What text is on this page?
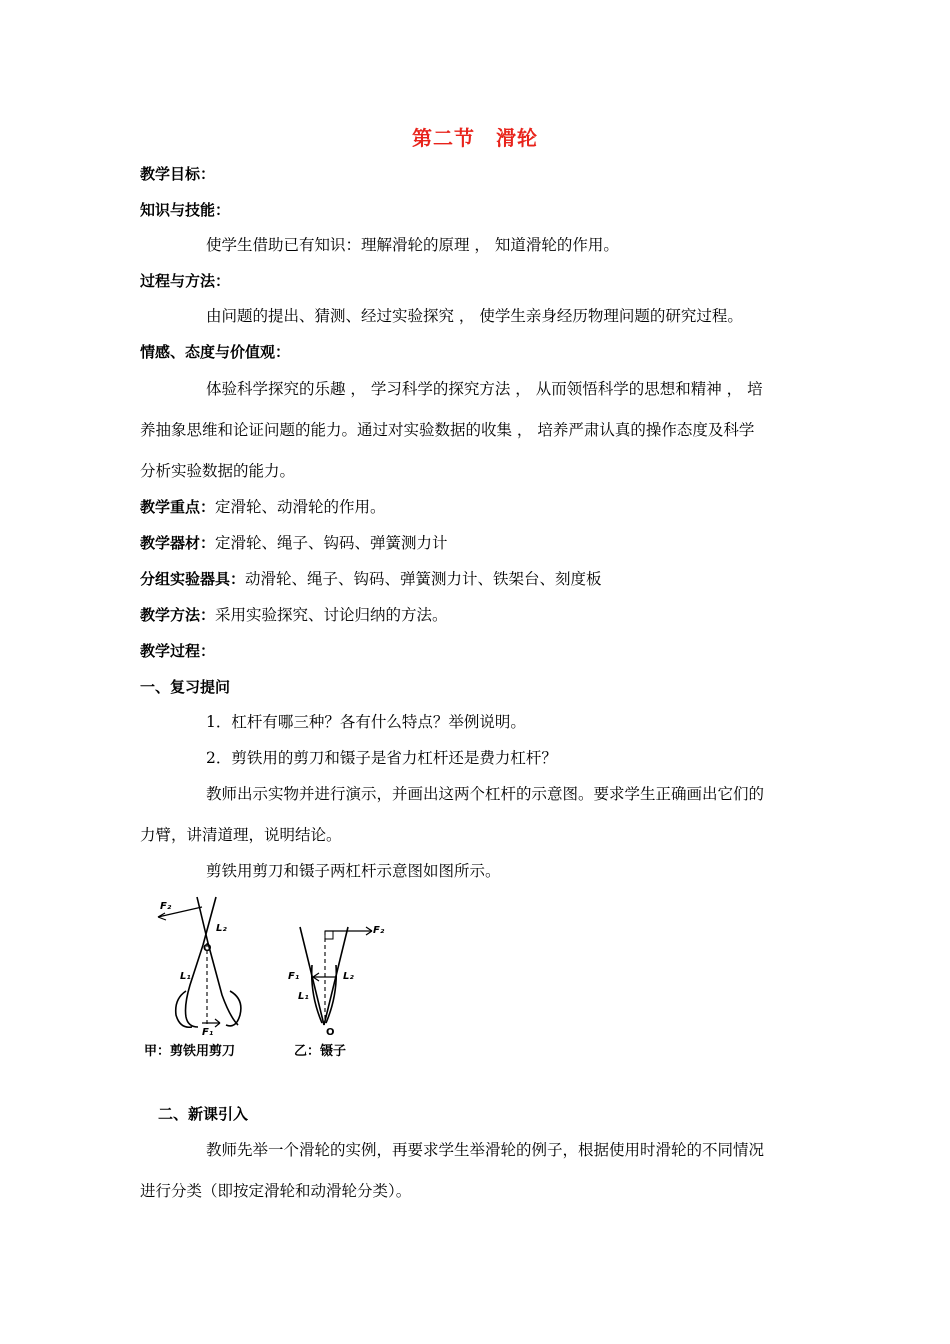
第二节　滑轮
教学目标：
知识与技能：
使学生借助已有知识：理解滑轮的原理 ， 知道滑轮的作用。
过程与方法：
由问题的提出、猜测、经过实验探究 ， 使学生亲身经历物理问题的研究过程。
情感、态度与价值观：
体验科学探究的乐趣 ， 学习科学的探究方法 ， 从而领悟科学的思想和精神 ， 培
养抽象思维和论证问题的能力。通过对实验数据的收集 ， 培养严肃认真的操作态度及科学
分析实验数据的能力。
教学重点：定滑轮、动滑轮的作用。
教学器材：定滑轮、绳子、钩码、弹簧测力计
分组实验器具：动滑轮、绳子、钩码、弹簧测力计、铁架台、刻度板
教学方法：采用实验探究、讨论归纳的方法。
教学过程：
一、复习提问
1．杠杆有哪三种？各有什么特点？举例说明。
2．剪铁用的剪刀和镊子是省力杠杆还是费力杠杆？
教师出示实物并进行演示，并画出这两个杠杆的示意图。要求学生正确画出它们的
力臂，讲清道理，说明结论。
剪铁用剪刀和镊子两杠杆示意图如图所示。
F₂
L₂
O
L₁
F₁
甲：剪铁用剪刀
F₂
F₁	L₂
L₁
O
乙：镊子
二、新课引入
教师先举一个滑轮的实例，再要求学生举滑轮的例子，根据使用时滑轮的不同情况
进行分类（即按定滑轮和动滑轮分类）。
